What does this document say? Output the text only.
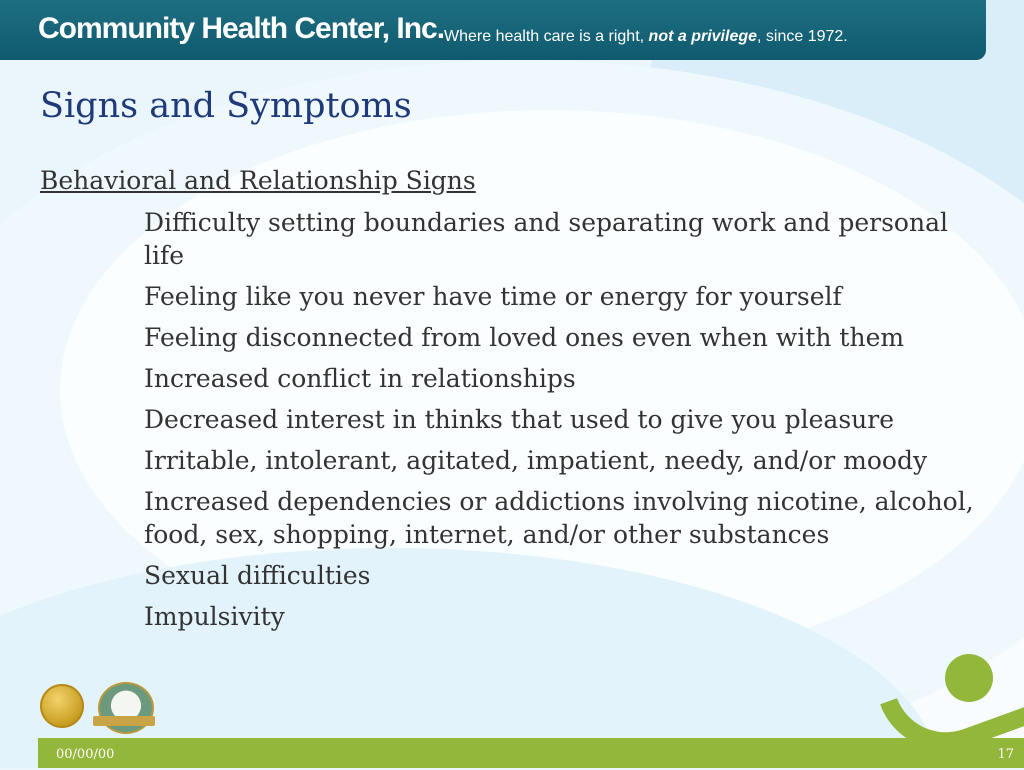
Community Health Center, Inc. Where health care is a right, not a privilege, since 1972.
Signs and Symptoms
Behavioral and Relationship Signs
Difficulty setting boundaries and separating work and personal life
Feeling like you never have time or energy for yourself
Feeling disconnected from loved ones even when with them
Increased conflict in relationships
Decreased interest in thinks that used to give you pleasure
Irritable, intolerant, agitated, impatient, needy, and/or moody
Increased dependencies or addictions involving nicotine, alcohol, food, sex, shopping, internet, and/or other substances
Sexual difficulties
Impulsivity
00/00/00	17
